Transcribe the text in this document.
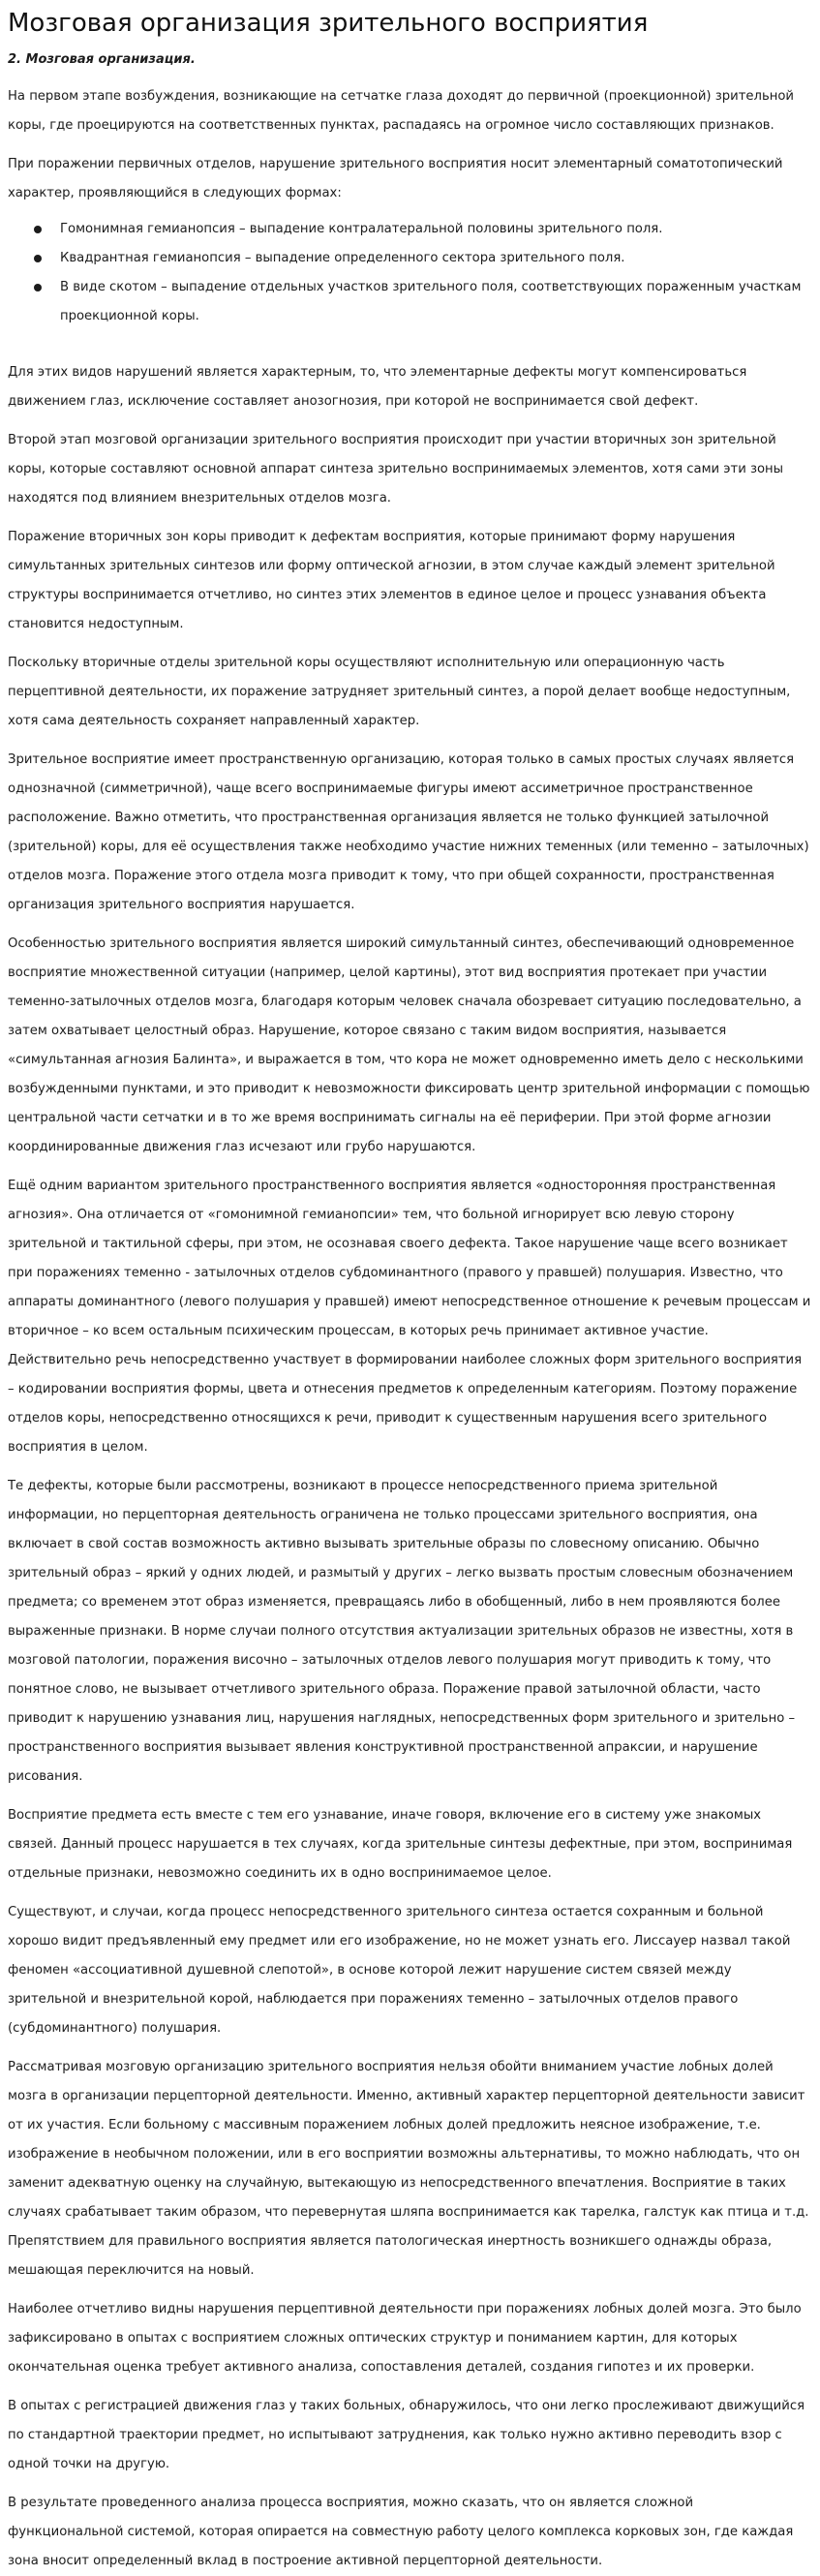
Мозговая организация зрительного восприятия
2. Мозговая организация.

На первом этапе возбуждения, возникающие на сетчатке глаза доходят до первичной (проекционной) зрительной коры, где проецируются на соответственных пунктах, распадаясь на огромное число составляющих признаков.

При поражении первичных отделов, нарушение зрительного восприятия носит элементарный соматотопический характер, проявляющийся в следующих формах:

Гомонимная гемианопсия – выпадение контралатеральной половины зрительного поля.
Квадрантная гемианопсия – выпадение определенного сектора зрительного поля.
В виде скотом – выпадение отдельных участков зрительного поля, соответствующих пораженным участкам проекционной коры.

Для этих видов нарушений является характерным, то, что элементарные дефекты могут компенсироваться движением глаз, исключение составляет анозогнозия, при которой не воспринимается свой дефект.

Второй этап мозговой организации зрительного восприятия происходит при участии вторичных зон зрительной коры, которые составляют основной аппарат синтеза зрительно воспринимаемых элементов, хотя сами эти зоны находятся под влиянием внезрительных отделов мозга.

Поражение вторичных зон коры приводит к дефектам восприятия, которые принимают форму нарушения симультанных зрительных синтезов или форму оптической агнозии, в этом случае каждый элемент зрительной структуры воспринимается отчетливо, но синтез этих элементов в единое целое и процесс узнавания объекта становится недоступным.

Поскольку вторичные отделы зрительной коры осуществляют исполнительную или операционную часть перцептивной деятельности, их поражение затрудняет зрительный синтез, а порой делает вообще недоступным, хотя сама деятельность сохраняет направленный характер.

Зрительное восприятие имеет пространственную организацию, которая только в самых простых случаях является однозначной (симметричной), чаще всего воспринимаемые фигуры имеют ассиметричное пространственное расположение. Важно отметить, что пространственная организация является не только функцией затылочной (зрительной) коры, для её осуществления также необходимо участие нижних теменных (или теменно – затылочных) отделов мозга. Поражение этого отдела мозга приводит к тому, что при общей сохранности, пространственная организация зрительного восприятия нарушается.

Особенностью зрительного восприятия является широкий симультанный синтез, обеспечивающий одновременное восприятие множественной ситуации (например, целой картины), этот вид восприятия протекает при участии теменно-затылочных отделов мозга, благодаря которым человек сначала обозревает ситуацию последовательно, а затем охватывает целостный образ. Нарушение, которое связано с таким видом восприятия, называется «симультанная агнозия Балинта», и выражается в том, что кора не может одновременно иметь дело с несколькими возбужденными пунктами, и это приводит к невозможности фиксировать центр зрительной информации с помощью центральной части сетчатки и в то же время воспринимать сигналы на её периферии. При этой форме агнозии координированные движения глаз исчезают или грубо нарушаются.

Ещё одним вариантом зрительного пространственного восприятия является «односторонняя пространственная агнозия». Она отличается от «гомонимной гемианопсии» тем, что больной игнорирует всю левую сторону зрительной и тактильной сферы, при этом, не осознавая своего дефекта. Такое нарушение чаще всего возникает при поражениях теменно - затылочных отделов субдоминантного (правого у правшей) полушария. Известно, что аппараты доминантного (левого полушария у правшей) имеют непосредственное отношение к речевым процессам и вторичное – ко всем остальным психическим процессам, в которых речь принимает активное участие. Действительно речь непосредственно участвует в формировании наиболее сложных форм зрительного восприятия – кодировании восприятия формы, цвета и отнесения предметов к определенным категориям. Поэтому поражение отделов коры, непосредственно относящихся к речи, приводит к существенным нарушения всего зрительного восприятия в целом.

Те дефекты, которые были рассмотрены, возникают в процессе непосредственного приема зрительной информации, но перцепторная деятельность ограничена не только процессами зрительного восприятия, она включает в свой состав возможность активно вызывать зрительные образы по словесному описанию. Обычно зрительный образ – яркий у одних людей, и размытый у других – легко вызвать простым словесным обозначением предмета; со временем этот образ изменяется, превращаясь либо в обобщенный, либо в нем проявляются более выраженные признаки. В норме случаи полного отсутствия актуализации зрительных образов не известны, хотя в мозговой патологии, поражения височно – затылочных отделов левого полушария могут приводить к тому, что понятное слово, не вызывает отчетливого зрительного образа. Поражение правой затылочной области, часто приводит к нарушению узнавания лиц, нарушения наглядных, непосредственных форм зрительного и зрительно – пространственного восприятия вызывает явления конструктивной пространственной апраксии, и нарушение рисования.

Восприятие предмета есть вместе с тем его узнавание, иначе говоря, включение его в систему уже знакомых связей. Данный процесс нарушается в тех случаях, когда зрительные синтезы дефектные, при этом, воспринимая отдельные признаки, невозможно соединить их в одно воспринимаемое целое.

Существуют, и случаи, когда процесс непосредственного зрительного синтеза остается сохранным и больной хорошо видит предъявленный ему предмет или его изображение, но не может узнать его. Лиссауер назвал такой феномен «ассоциативной душевной слепотой», в основе которой лежит нарушение систем связей между зрительной и внезрительной корой, наблюдается при поражениях теменно – затылочных отделов правого (субдоминантного) полушария.

Рассматривая мозговую организацию зрительного восприятия нельзя обойти вниманием участие лобных долей мозга в организации перцепторной деятельности. Именно, активный характер перцепторной деятельности зависит от их участия. Если больному с массивным поражением лобных долей предложить неясное изображение, т.е. изображение в необычном положении, или в его восприятии возможны альтернативы, то можно наблюдать, что он заменит адекватную оценку на случайную, вытекающую из непосредственного впечатления. Восприятие в таких случаях срабатывает таким образом, что перевернутая шляпа воспринимается как тарелка, галстук как птица и т.д. Препятствием для правильного восприятия является патологическая инертность возникшего однажды образа, мешающая переключится на новый.

Наиболее отчетливо видны нарушения перцептивной деятельности при поражениях лобных долей мозга. Это было зафиксировано в опытах с восприятием сложных оптических структур и пониманием картин, для которых окончательная оценка требует активного анализа, сопоставления деталей, создания гипотез и их проверки.

В опытах с регистрацией движения глаз у таких больных, обнаружилось, что они легко прослеживают движущийся по стандартной траектории предмет, но испытывают затруднения, как только нужно активно переводить взор с одной точки на другую.

В результате проведенного анализа процесса восприятия, можно сказать, что он является сложной функциональной системой, которая опирается на совместную работу целого комплекса корковых зон, где каждая зона вносит определенный вклад в построение активной перцепторной деятельности.
